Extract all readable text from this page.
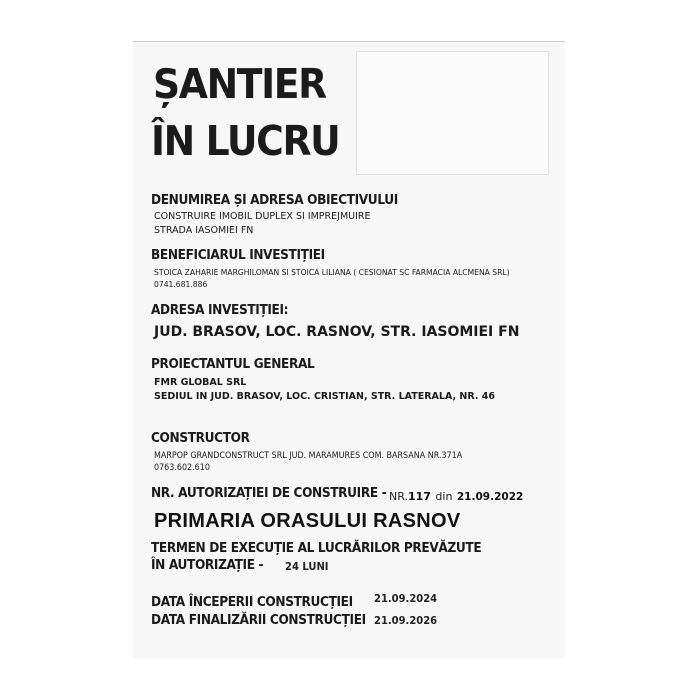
ȘANTIER
ÎN LUCRU
DENUMIREA ȘI ADRESA OBIECTIVULUI
CONSTRUIRE IMOBIL DUPLEX SI IMPREJMUIRE
STRADA IASOMIEI FN
BENEFICIARUL INVESTIȚIEI
STOICA ZAHARIE MARGHILOMAN SI STOICA LILIANA ( CESIONAT SC FARMACIA ALCMENA SRL)
0741.681.886
ADRESA INVESTIȚIEI:
JUD. BRASOV, LOC. RASNOV, STR. IASOMIEI FN
PROIECTANTUL GENERAL
FMR GLOBAL SRL
SEDIUL IN JUD. BRASOV, LOC. CRISTIAN, STR. LATERALA, NR. 46
CONSTRUCTOR
MARPOP GRANDCONSTRUCT SRL JUD. MARAMURES COM. BARSANA NR.371A
0763.602.610
NR. AUTORIZAȚIEI DE CONSTRUIRE - NR.117 din 21.09.2022
PRIMARIA ORASULUI RASNOV
TERMEN DE EXECUȚIE AL LUCRĂRILOR PREVĂZUTE
ÎN AUTORIZAȚIE - 24 LUNI
DATA ÎNCEPERII CONSTRUCȚIEI 21.09.2024
DATA FINALIZĂRII CONSTRUCȚIEI 21.09.2026
